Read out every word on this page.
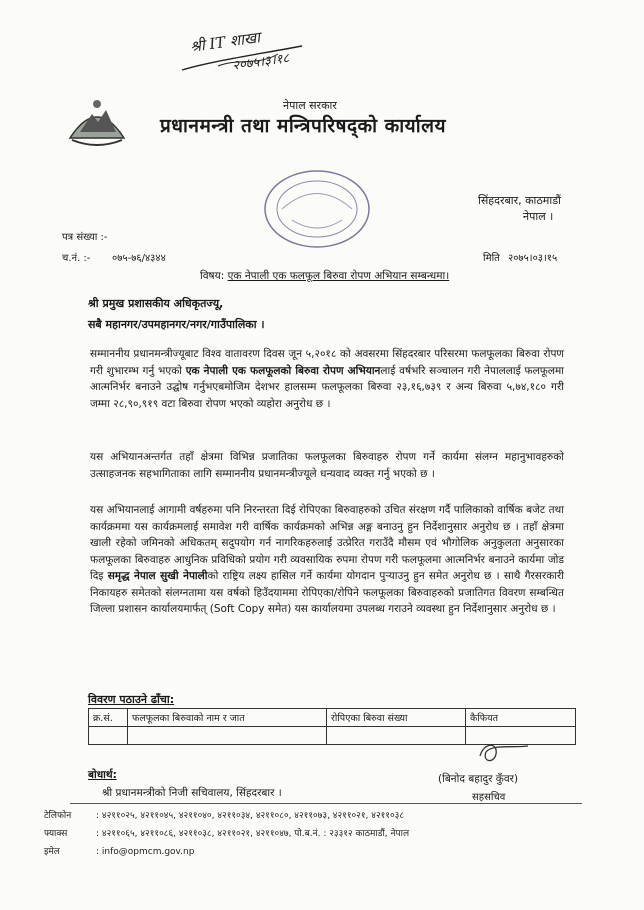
श्री IT शाखा
२०७५।३।१८
नेपाल सरकार
प्रधानमन्त्री तथा मन्त्रिपरिषद्‌को कार्यालय
सिंहदरबार, काठमाडौं
नेपाल ।
पत्र संख्या :-
च.नं. :- ०७५-७६/४३४४	मिति २०७५।०३।१५
विषय: एक नेपाली एक फलफूल बिरुवा रोपण अभियान सम्बन्धमा।
श्री प्रमुख प्रशासकीय अधिकृतज्यू,
सबै महानगर/उपमहानगर/नगर/गाउँपालिका ।
सम्माननीय प्रधानमन्त्रीज्यूबाट विश्व वातावरण दिवस जून ५,२०१८ को अवसरमा सिंहदरबार परिसरमा फलफूलका बिरुवा रोपण गरी शुभारम्भ गर्नु भएको एक नेपाली एक फलफूलको बिरुवा रोपण अभियानलाई वर्षभरि सञ्चालन गरी नेपाललाई फलफूलमा आत्मनिर्भर बनाउने उद्घोष गर्नुभएबमोजिम देशभर हालसम्म फलफूलका बिरुवा २३,१६,७३९ र अन्य बिरुवा ५,७४,१८० गरी जम्मा २८,९०,९१९ वटा बिरुवा रोपण भएको व्यहोरा अनुरोध छ ।
यस अभियानअन्तर्गत तहाँ क्षेत्रमा विभिन्न प्रजातिका फलफूलका बिरुवाहरु रोपण गर्ने कार्यमा संलग्न महानुभावहरुको उत्साहजनक सहभागिताका लागि सम्माननीय प्रधानमन्त्रीज्यूले धन्यवाद व्यक्त गर्नु भएको छ ।
यस अभियानलाई आगामी वर्षहरुमा पनि निरन्तरता दिई रोपिएका बिरुवाहरुको उचित संरक्षण गर्दै पालिकाको वार्षिक बजेट तथा कार्यक्रममा यस कार्यक्रमलाई समावेश गरी वार्षिक कार्यक्रमको अभिन्न अङ्ग बनाउनु हुन निर्देशानुसार अनुरोध छ । तहाँ क्षेत्रमा खाली रहेको जमिनको अधिकतम् सदुपयोग गर्न नागरिकहरुलाई उत्प्रेरित गराउँदै मौसम एवं भौगोलिक अनुकुलता अनुसारका फलफूलका बिरुवाहरु आधुनिक प्रविधिको प्रयोग गरी व्यवसायिक रुपमा रोपण गरी फलफूलमा आत्मनिर्भर बनाउने कार्यमा जोड दिइ समृद्ध नेपाल सुखी नेपालीको राष्ट्रिय लक्ष्य हासिल गर्ने कार्यमा योगदान पुऱ्याउनु हुन समेत अनुरोध छ । साथै गैरसरकारी निकायहरु समेतको संलग्नतामा यस वर्षको हिउँदयाममा रोपिएका/रोपिने फलफूलका बिरुवाहरुको प्रजातिगत विवरण सम्बन्धित जिल्ला प्रशासन कार्यालयमार्फत् (Soft Copy समेत) यस कार्यालयमा उपलब्ध गराउने व्यवस्था हुन निर्देशानुसार अनुरोध छ ।
विवरण पठाउने ढाँचा:
क्र.सं.	फलफूलका बिरुवाको नाम र जात	रोपिएका बिरुवा संख्या	कैफियत

(बिनोद बहादुर कुँवर)
सहसचिव
बोधार्थ:
श्री प्रधानमन्त्रीको निजी सचिवालय, सिंहदरबार ।
टेलिफोन	: ४२११०२५, ४२११०४५, ४२११०४०, ४२११०३४, ४२११०८०, ४२११०७३, ४२११०२१, ४२११०३८
फ्याक्स	: ४२११०६५, ४२११०८६, ४२११०३८, ४२११०२१, ४२११०४७, पो.ब.नं. : २३३१२ काठमाडौं, नेपाल
इमेल	: info@opmcm.gov.np
